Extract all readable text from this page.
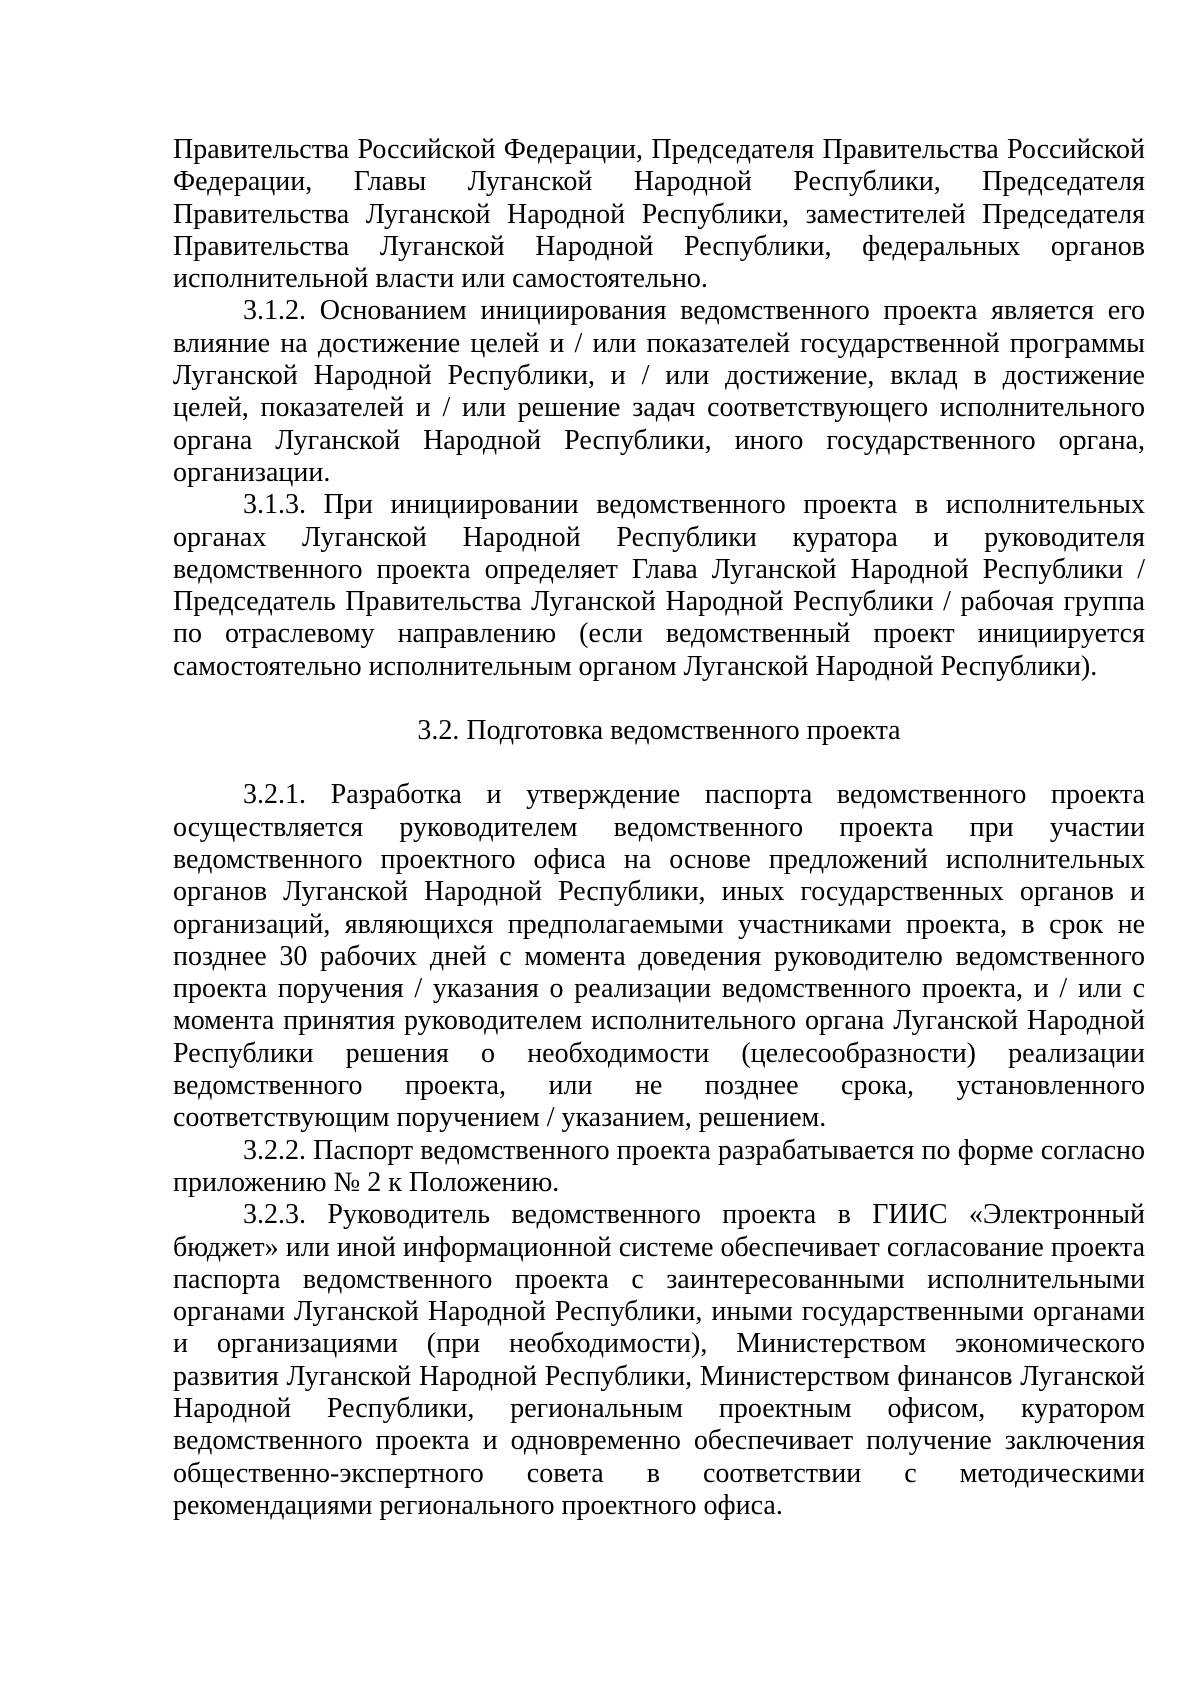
Правительства Российской Федерации, Председателя Правительства Российской Федерации, Главы Луганской Народной Республики, Председателя Правительства Луганской Народной Республики, заместителей Председателя Правительства Луганской Народной Республики, федеральных органов исполнительной власти или самостоятельно.

3.1.2. Основанием инициирования ведомственного проекта является его влияние на достижение целей и / или показателей государственной программы Луганской Народной Республики, и / или достижение, вклад в достижение целей, показателей и / или решение задач соответствующего исполнительного органа Луганской Народной Республики, иного государственного органа, организации.

3.1.3. При инициировании ведомственного проекта в исполнительных органах Луганской Народной Республики куратора и руководителя ведомственного проекта определяет Глава Луганской Народной Республики / Председатель Правительства Луганской Народной Республики / рабочая группа по отраслевому направлению (если ведомственный проект инициируется самостоятельно исполнительным органом Луганской Народной Республики).

3.2. Подготовка ведомственного проекта

3.2.1. Разработка и утверждение паспорта ведомственного проекта осуществляется руководителем ведомственного проекта при участии ведомственного проектного офиса на основе предложений исполнительных органов Луганской Народной Республики, иных государственных органов и организаций, являющихся предполагаемыми участниками проекта, в срок не позднее 30 рабочих дней с момента доведения руководителю ведомственного проекта поручения / указания о реализации ведомственного проекта, и / или с момента принятия руководителем исполнительного органа Луганской Народной Республики решения о необходимости (целесообразности) реализации ведомственного проекта, или не позднее срока, установленного соответствующим поручением / указанием, решением.

3.2.2. Паспорт ведомственного проекта разрабатывается по форме согласно приложению № 2 к Положению.

3.2.3. Руководитель ведомственного проекта в ГИИС «Электронный бюджет» или иной информационной системе обеспечивает согласование проекта паспорта ведомственного проекта с заинтересованными исполнительными органами Луганской Народной Республики, иными государственными органами и организациями (при необходимости), Министерством экономического развития Луганской Народной Республики, Министерством финансов Луганской Народной Республики, региональным проектным офисом, куратором ведомственного проекта и одновременно обеспечивает получение заключения общественно-экспертного совета в соответствии с методическими рекомендациями регионального проектного офиса.
